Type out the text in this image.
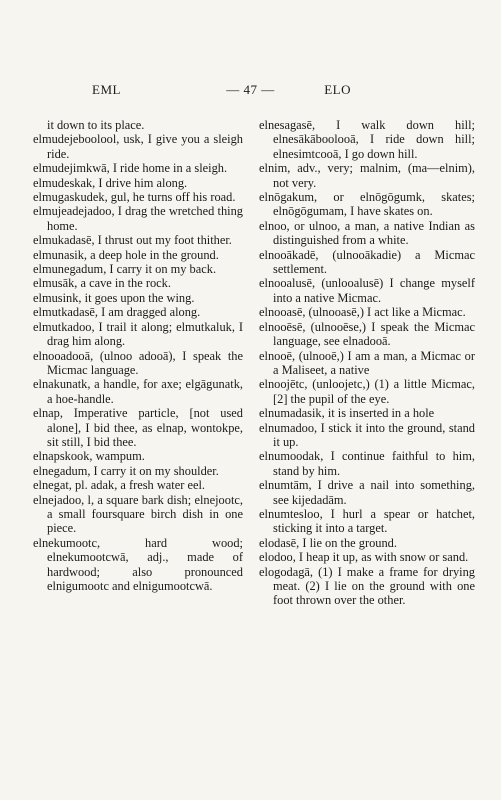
EML	— 47 —	ELO

it down to its place.

elmudejeboolool, usk, I give you a sleigh ride.

elmudejimkwā, I ride home in a sleigh.

elmudeskak, I drive him along.

elmugaskudek, gul, he turns off his road.

elmujeadejadoo, I drag the wretched thing home.

elmukadasē, I thrust out my foot thither.

elmunasik, a deep hole in the ground.

elmunegadum, I carry it on my back.

elmusāk, a cave in the rock.

elmusink, it goes upon the wing.

elmutkadasē, I am dragged along.

elmutkadoo, I trail it along; elmutkaluk, I drag him along.

elnooadooā, (ulnoo adooā), I speak the Micmac language.

elnakunatk, a handle, for axe; elgāgunatk, a hoe-handle.

elnap, Imperative particle, [not used alone], I bid thee, as elnap, wontokpe, sit still, I bid thee.

elnapskook, wampum.

elnegadum, I carry it on my shoulder.

elnegat, pl. adak, a fresh water eel.

elnejadoo, l, a square bark dish; elnejootc, a small foursquare birch dish in one piece.

elnekumootc, hard wood; elnekumootcwā, adj., made of hardwood; also pronounced elnigumootc and elnigumootcwā.

elnesagasē, I walk down hill; elnesākāboolooā, I ride down hill; elnesimtcooā, I go down hill.

elnim, adv., very; malnim, (ma—elnim), not very.

elnōgakum, or elnōgōgumk, skates; elnōgōgumam, I have skates on.

elnoo, or ulnoo, a man, a native Indian as distinguished from a white.

elnooākadē, (ulnooākadie) a Micmac settlement.

elnooalusē, (unlooalusē) I change myself into a native Micmac.

elnooasē, (ulnooasē,) I act like a Micmac.

elnooēsē, (ulnooēse,) I speak the Micmac language, see elnadooā.

elnooē, (ulnooē,) I am a man, a Micmac or a Maliseet, a native

elnoojētc, (unloojetc,) (1) a little Micmac, [2] the pupil of the eye.

elnumadasik, it is inserted in a hole

elnumadoo, I stick it into the ground, stand it up.

elnumoodak, I continue faithful to him, stand by him.

elnumtām, I drive a nail into something, see kijedadām.

elnumtesloo, I hurl a spear or hatchet, sticking it into a target.

elodasē, I lie on the ground.

elodoo, I heap it up, as with snow or sand.

elogodagā, (1) I make a frame for drying meat. (2) I lie on the ground with one foot thrown over the other.
